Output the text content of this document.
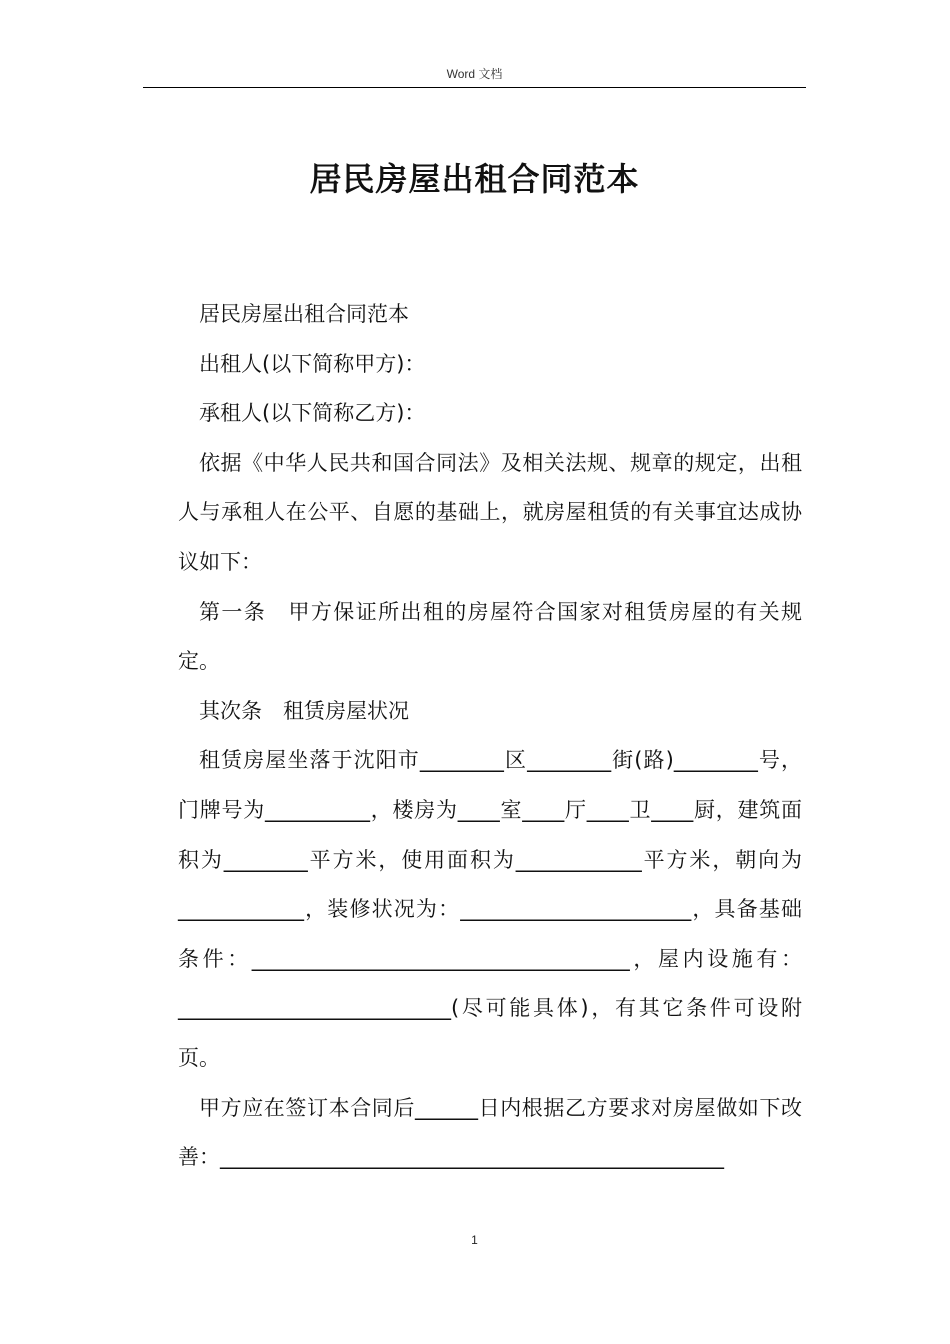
Word 文档
居民房屋出租合同范本

居民房屋出租合同范本

出租人(以下简称甲方)：

承租人(以下简称乙方)：

依据《中华人民共和国合同法》及相关法规、规章的规定，出租人与承租人在公平、自愿的基础上，就房屋租赁的有关事宜达成协议如下：

第一条　甲方保证所出租的房屋符合国家对租赁房屋的有关规定。

其次条　租赁房屋状况

租赁房屋坐落于沈阳市________区________街(路)________号，门牌号为__________，楼房为____室____厅____卫____厨，建筑面积为________平方米，使用面积为____________平方米，朝向为____________，装修状况为：______________________，具备基础条件：____________________________________，屋内设施有：__________________________(尽可能具体)，有其它条件可设附页。

甲方应在签订本合同后______日内根据乙方要求对房屋做如下改善：________________________________________________

1
